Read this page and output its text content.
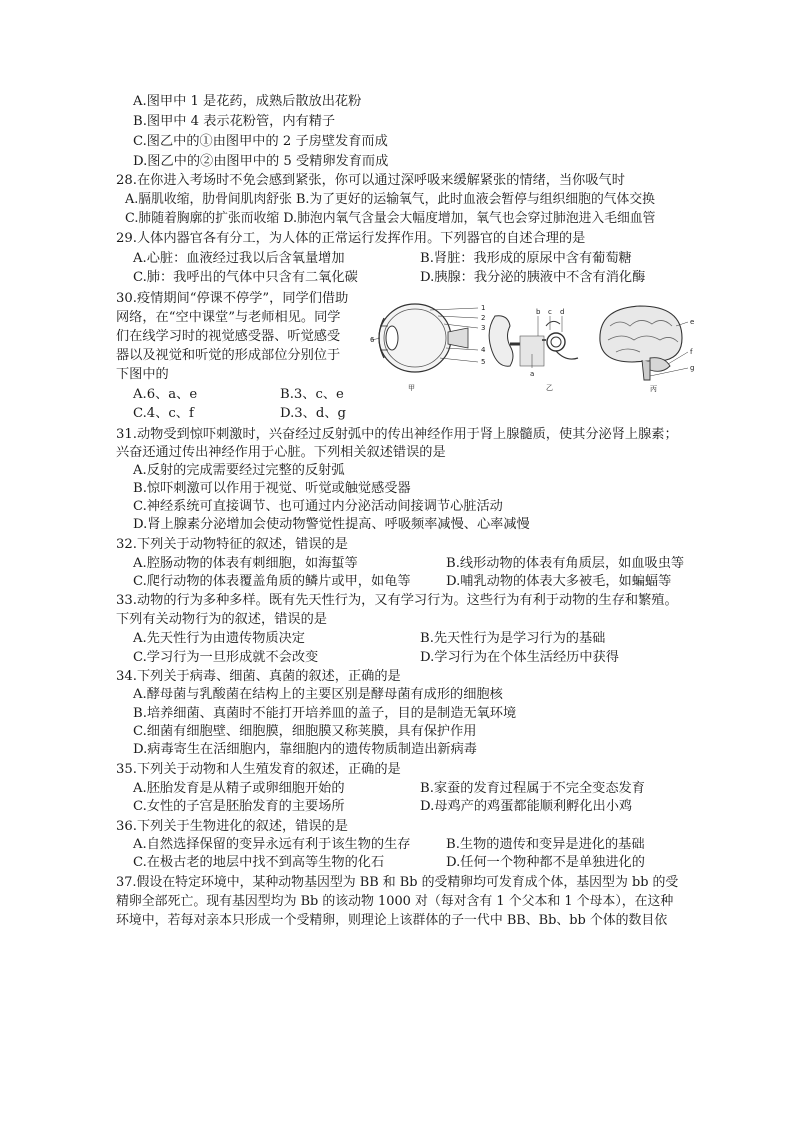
A.图甲中 1 是花药，成熟后散放出花粉
B.图甲中 4 表示花粉管，内有精子
C.图乙中的①由图甲中的 2 子房壁发育而成
D.图乙中的②由图甲中的 5 受精卵发育而成
28.在你进入考场时不免会感到紧张，你可以通过深呼吸来缓解紧张的情绪，当你吸气时
A.膈肌收缩，肋骨间肌肉舒张 B.为了更好的运输氧气，此时血液会暂停与组织细胞的气体交换
C.肺随着胸廓的扩张而收缩 D.肺泡内氧气含量会大幅度增加，氧气也会穿过肺泡进入毛细血管
29.人体内器官各有分工，为人体的正常运行发挥作用。下列器官的自述合理的是
A.心脏：血液经过我以后含氧量增加	B.肾脏：我形成的原尿中含有葡萄糖
C.肺：我呼出的气体中只含有二氧化碳	D.胰腺：我分泌的胰液中不含有消化酶
30.疫情期间“停课不停学”，同学们借助
网络，在“空中课堂”与老师相见。同学
们在线学习时的视觉感受器、听觉感受
器以及视觉和听觉的形成部位分别位于
下图中的
A.6、a、e	B.3、c、e
C.4、c、f	D.3、d、g
1
2
3
4
5
6
甲
b c d
a
乙
e
f
g
丙
31.动物受到惊吓刺激时，兴奋经过反射弧中的传出神经作用于肾上腺髓质，使其分泌肾上腺素；
兴奋还通过传出神经作用于心脏。下列相关叙述错误的是
A.反射的完成需要经过完整的反射弧
B.惊吓刺激可以作用于视觉、听觉或触觉感受器
C.神经系统可直接调节、也可通过内分泌活动间接调节心脏活动
D.肾上腺素分泌增加会使动物警觉性提高、呼吸频率减慢、心率减慢
32.下列关于动物特征的叙述，错误的是
A.腔肠动物的体表有刺细胞，如海蜇等	B.线形动物的体表有角质层，如血吸虫等
C.爬行动物的体表覆盖角质的鳞片或甲，如龟等	D.哺乳动物的体表大多被毛，如蝙蝠等
33.动物的行为多种多样。既有先天性行为，又有学习行为。这些行为有利于动物的生存和繁殖。
下列有关动物行为的叙述，错误的是
A.先天性行为由遗传物质决定	B.先天性行为是学习行为的基础
C.学习行为一旦形成就不会改变	D.学习行为在个体生活经历中获得
34.下列关于病毒、细菌、真菌的叙述，正确的是
A.酵母菌与乳酸菌在结构上的主要区别是酵母菌有成形的细胞核
B.培养细菌、真菌时不能打开培养皿的盖子，目的是制造无氧环境
C.细菌有细胞壁、细胞膜，细胞膜又称荚膜，具有保护作用
D.病毒寄生在活细胞内，靠细胞内的遗传物质制造出新病毒
35.下列关于动物和人生殖发育的叙述，正确的是
A.胚胎发育是从精子或卵细胞开始的	B.家蚕的发育过程属于不完全变态发育
C.女性的子宫是胚胎发育的主要场所	D.母鸡产的鸡蛋都能顺利孵化出小鸡
36.下列关于生物进化的叙述，错误的是
A.自然选择保留的变异永远有利于该生物的生存	B.生物的遗传和变异是进化的基础
C.在极古老的地层中找不到高等生物的化石	D.任何一个物种都不是单独进化的
37.假设在特定环境中，某种动物基因型为 BB 和 Bb 的受精卵均可发育成个体，基因型为 bb 的受
精卵全部死亡。现有基因型均为 Bb 的该动物 1000 对（每对含有 1 个父本和 1 个母本），在这种
环境中，若每对亲本只形成一个受精卵，则理论上该群体的子一代中 BB、Bb、bb 个体的数目依
